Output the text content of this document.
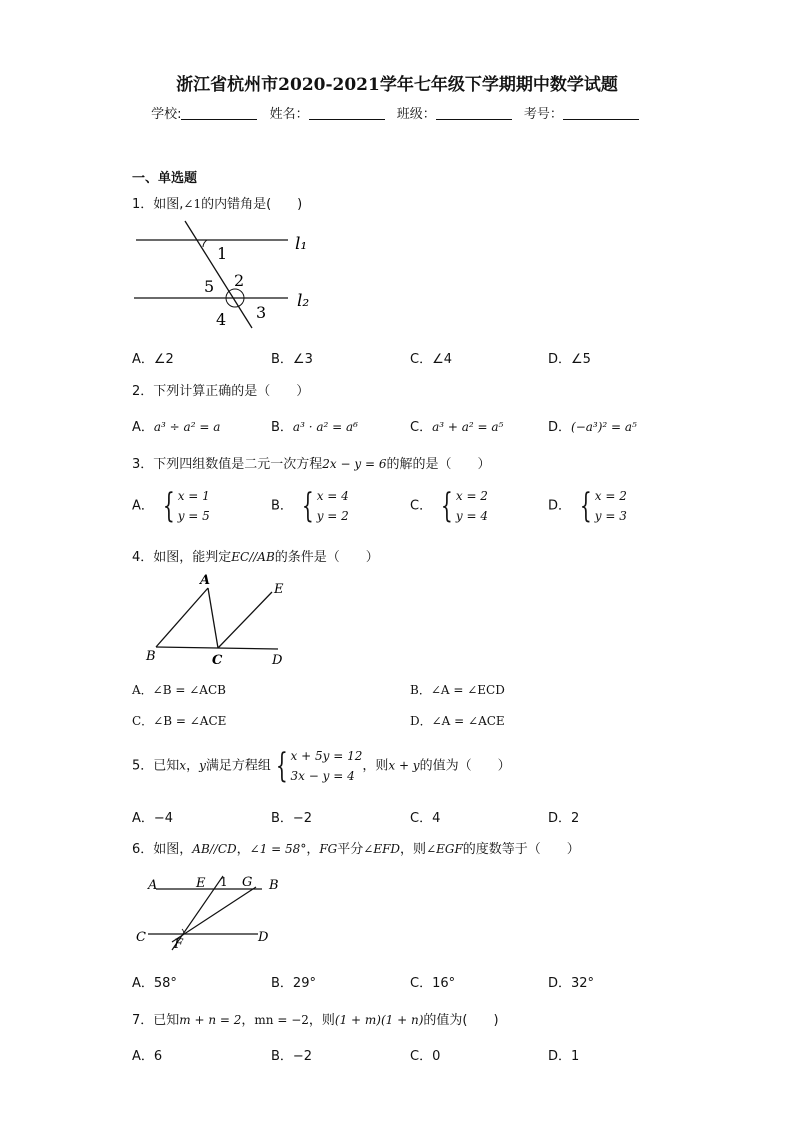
浙江省杭州市2020-2021学年七年级下学期期中数学试题
学校:	姓名：	班级：	考号：
一、单选题
1．如图,∠1的内错角是(　　)
1
5 2
4 3
l₁
l₂
A．∠2	B．∠3	C．∠4	D．∠5
2．下列计算正确的是（　　）
A．a³ ÷ a² = a	B．a³ · a² = a⁶	C．a³ + a² = a⁵	D．(−a³)² = a⁵
3．下列四组数值是二元一次方程2x − y = 6的解的是（　　）
A． { x = 1
y = 5
B． { x = 4
y = 2
C． { x = 2
y = 4
D． { x = 2
y = 3
4．如图，能判定EC//AB的条件是（　　）
A
E
B	C	D
A．∠B = ∠ACB	B．∠A = ∠ECD
C．∠B = ∠ACE	D．∠A = ∠ACE
5．已知x，y满足方程组 { x + 5y = 12
3x − y = 4
，则x + y的值为（　　）
A．−4	B．−2	C．4	D．2
6．如图，AB//CD，∠1 = 58°，FG平分∠EFD，则∠EGF的度数等于（　　）
A	E 1 G B
C F	D
A．58°	B．29°	C．16°	D．32°
7．已知m + n = 2，mn = −2，则(1 + m)(1 + n)的值为(　　)
A．6	B．−2	C．0	D．1
